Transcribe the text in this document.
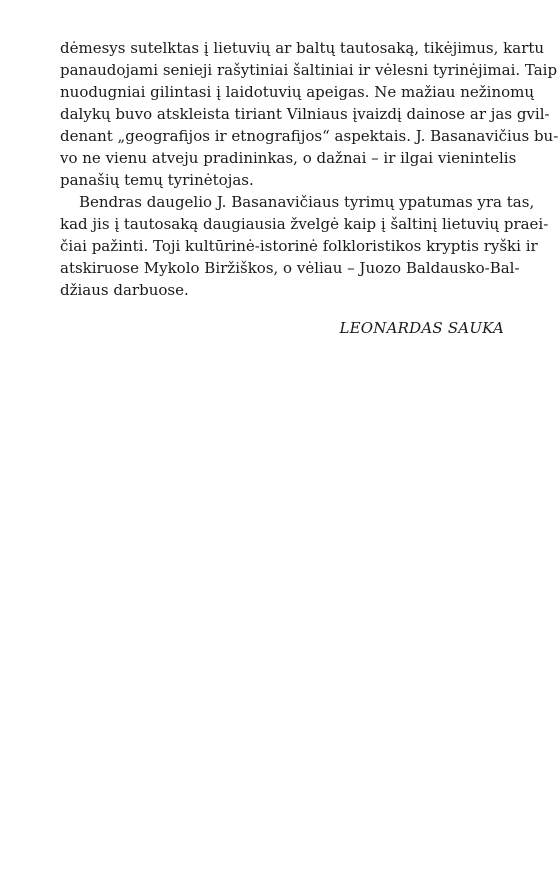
dėmesys sutelktas į lietuvių ar baltų tautosaką, tikėjimus, kartu
panaudojami senieji rašytiniai šaltiniai ir vėlesni tyrinėjimai. Taip
nuodugniai gilintasi į laidotuvių apeigas. Ne mažiau nežinomų
dalykų buvo atskleista tiriant Vilniaus įvaizdį dainose ar jas gvil-
denant „geografijos ir etnografijos“ aspektais. J. Basanavičius bu-
vo ne vienu atveju pradininkas, o dažnai – ir ilgai vienintelis
panašių temų tyrinėtojas.

Bendras daugelio J. Basanavičiaus tyrimų ypatumas yra tas,
kad jis į tautosaką daugiausia žvelgė kaip į šaltinį lietuvių praei-
čiai pažinti. Toji kultūrinė-istorinė folkloristikos kryptis ryški ir
atskiruose Mykolo Biržiškos, o vėliau – Juozo Baldausko-Bal-
džiaus darbuose.

LEONARDAS SAUKA
